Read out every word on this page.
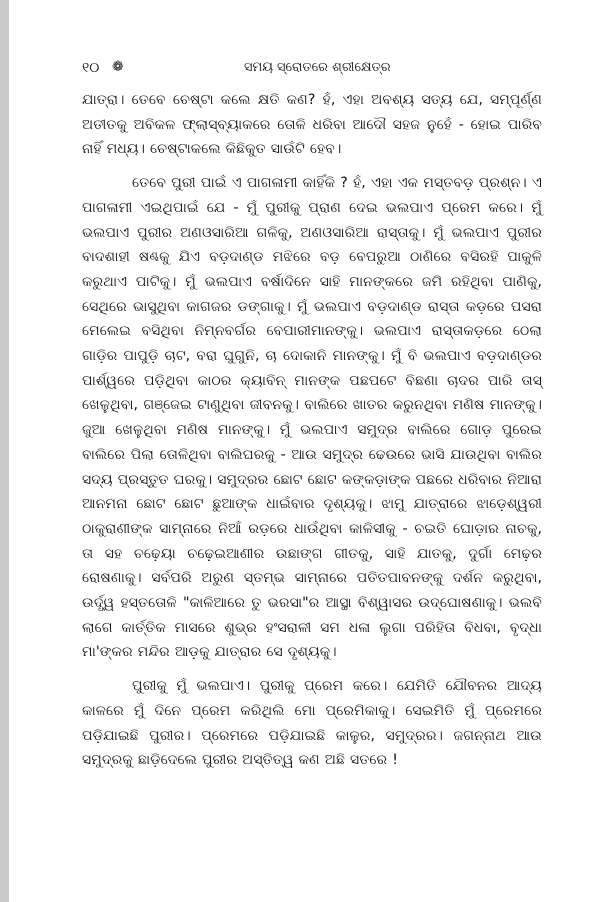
୧୦ ❁	ସମୟ ସ୍ରୋତରେ ଶ୍ରୀକ୍ଷେତ୍ର

ଯାତ୍ରା। ତେବେ ଚେଷ୍ଟା କଲେ କ୍ଷତି କଣ? ହଁ, ଏହା ଅବଶ୍ୟ ସତ୍ୟ ଯେ, ସମ୍ପୂର୍ଣ୍ଣ ଅତୀତକୁ ଅବିକଳ ଫ୍ଲାସ୍‌ବ୍ୟାକରେ ତୋଳି ଧରିବା ଆଦୌ ସହଜ ନୁହେଁ - ହୋଇ ପାରିବ ନାହିଁ ମଧ୍ୟ। ଚେଷ୍ଟାକଲେ କିଛିକୁତ ସାଉଁଟି ହେବ।

ତେବେ ପୁରୀ ପାଇଁ ଏ ପାଗଳାମୀ କାହିଁକି ? ହଁ, ଏହା ଏକ ମସ୍ତବଡ଼ ପ୍ରଶ୍ନ। ଏ ପାଗଳାମୀ ଏଇଥିପାଇଁ ଯେ - ମୁଁ ପୁରୀକୁ ପ୍ରାଣ ଦେଇ ଭଲପାଏ ପ୍ରେମ କରେ। ମୁଁ ଭଲପାଏ ପୁରୀର ଅଣଓସାରିଆ ଗଳିକୁ, ଅଣଓସାରିଆ ରାସ୍ତାକୁ। ମୁଁ ଭଲପାଏ ପୁରୀର ବାଦଶାହୀ ଷଣ୍ଢକୁ ଯିଏ ବଡ଼ଦାଣ୍ଡ ମଝିରେ ବଡ଼ ବେପରୁଆ ଠାଣିରେ ବସିରହି ପାକୁଳି କରୁଥାଏ ପାଟିକୁ। ମୁଁ ଭଲପାଏ ବର୍ଷାଦିନେ ସାହି ମାନଙ୍କରେ ଜମି ରହିଥିବା ପାଣିକୁ, ସେଥିରେ ଭାସୁଥିବା କାଗଜର ଡଙ୍ଗାକୁ। ମୁଁ ଭଲପାଏ ବଡ଼ଦାଣ୍ଡ ରାସ୍ତା କଡ଼ରେ ପସରା ମେଲେଇ ବସିଥିବା ନିମ୍ନବର୍ଗର ବେପାରୀମାନଙ୍କୁ। ଭଲପାଏ ରାସ୍ତାକଡ଼ରେ ଠେଲା ଗାଡ଼ିର ପାପୁଡ଼ି ଚାଟ, ବରା ଘୁଗୁନି, ଚା ଦୋକାନି ମାନଙ୍କୁ। ମୁଁ ବି ଭଲପାଏ ବଡ଼ଦାଣ୍ଡର ପାର୍ଶ୍ୱରେ ପଡ଼ିଥିବା କାଠର କ୍ୟାବିନ୍ ମାନଙ୍କ ପଛପଟେ ବିଛଣା ଚାଦର ପାରି ତାସ୍ ଖେଳୁଥିବା, ଗଞ୍ଜେଇ ଟାଣୁଥିବା ଜୀବନକୁ। ବାଲିରେ ଖାତର କରୁନଥିବା ମଣିଷ ମାନଙ୍କୁ। ଜୁଆ ଖେଳୁଥିବା ମଣିଷ ମାନଙ୍କୁ। ମୁଁ ଭଲପାଏ ସମୁଦ୍ର ବାଲିରେ ଗୋଡ଼ ପୁରେଇ ବାଲିରେ ପିଲା ତୋଳିଥିବା ବାଲିଘରକୁ - ଆଉ ସମୁଦ୍ର ଢେଉରେ ଭାସି ଯାଉଥିବା ବାଲିର ସଦ୍ୟ ପ୍ରସ୍ତୁତ ଘରକୁ। ସମୁଦ୍ରର ଛୋଟ ଛୋଟ କଙ୍କଡ଼ାଙ୍କ ପଛରେ ଧରିବାର ନିଆରା ଆନମନା ଛୋଟ ଛୋଟ ଛୁଆଙ୍କ ଧାଇଁବାର ଦୃଶ୍ୟକୁ। ଝାମୁ ଯାତ୍ରାରେ ଝାଡ଼େଶ୍ୱରୀ ଠାକୁରାଣୀଙ୍କ ସାମ୍ନାରେ ନିଆଁ ରଡ଼ରେ ଧାଉଁଥିବା କାଳିସୀକୁ - ଚଇତି ଘୋଡ଼ାର ନାଚକୁ, ତା ସହ ଚଢ଼େୟା ଚଢ଼େଇଆଣୀର ଉଛାଙ୍ଗ ଗୀତକୁ, ସାହି ଯାତକୁ, ଦୁର୍ଗା ମେଢ଼ର ରୋଷଣାକୁ। ସର୍ବପରି ଅରୁଣ ସ୍ତମ୍ଭ ସାମ୍ନାରେ ପତିତପାବନଙ୍କୁ ଦର୍ଶନ କରୁଥିବା, ଉର୍ଦ୍ଧ୍ୱ ହସ୍ତତୋଳି "କାଳିଆରେ ତୁ ଭରସା"ର ଆସ୍ଥା ବିଶ୍ୱାସର ଉଦ୍‌ଘୋଷଣାକୁ। ଭଲବି ଲାଗେ କାର୍ତ୍ତିକ ମାସରେ ଶୁଭ୍ର ହଂସରାଳୀ ସମ ଧଳା ଲୁଗା ପରିହିତା ବିଧବା, ବୃଦ୍ଧା ମା'ଙ୍କର ମନ୍ଦିର ଆଡ଼କୁ ଯାତ୍ରାର ସେ ଦୃଶ୍ୟକୁ।

ପୁରୀକୁ ମୁଁ ଭଲପାଏ। ପୁରୀକୁ ପ୍ରେମ କରେ। ଯେମିତି ଯୌବନର ଆଦ୍ୟ କାଳରେ ମୁଁ ଦିନେ ପ୍ରେମ କରିଥିଲି ମୋ ପ୍ରେମିକାକୁ। ସେଇମିତି ମୁଁ ପ୍ରେମରେ ପଡ଼ିଯାଇଛି ପୁରୀର। ପ୍ରେମରେ ପଡ଼ିଯାଇଛି କାଳୁର, ସମୁଦ୍ରର। ଜଗନ୍ନାଥ ଆଉ ସମୁଦ୍ରକୁ ଛାଡ଼ିଦେଲେ ପୁରୀର ଅସ୍ତିତ୍ୱ କଣ ଅଛି ସତରେ !
